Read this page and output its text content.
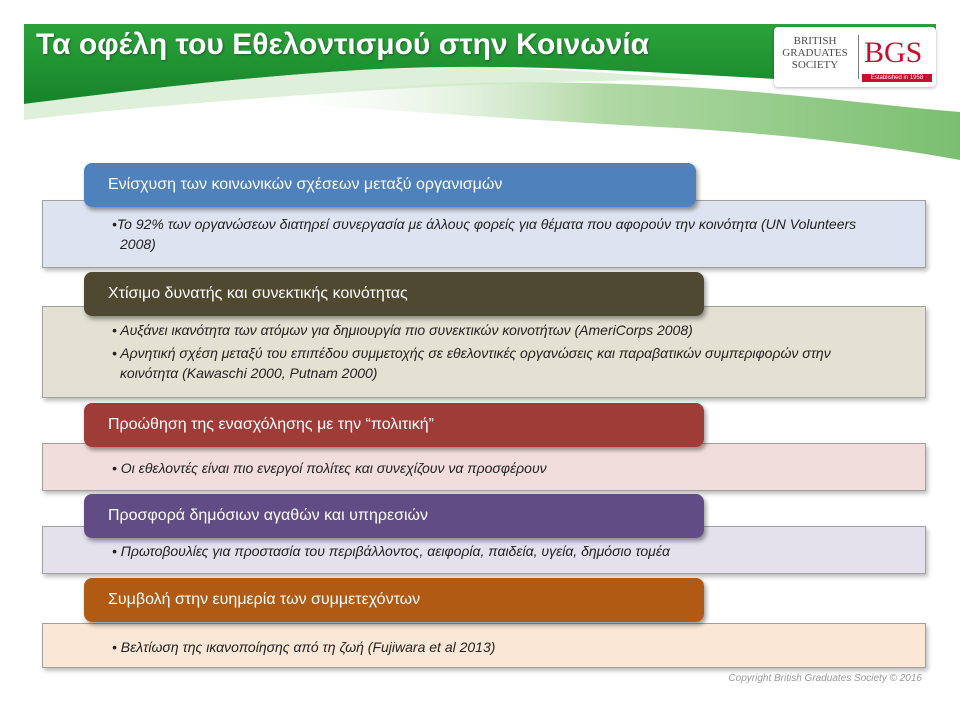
Τα οφέλη του Εθελοντισμού στην Κοινωνία	BRITISH
GRADUATES
SOCIETY BGS
Established in 1958
•Το 92% των οργανώσεων διατηρεί συνεργασία με άλλους φορείς για θέματα που αφορούν την κοινότητα (UN Volunteers 2008)
Ενίσχυση των κοινωνικών σχέσεων μεταξύ οργανισμών
• Αυξάνει ικανότητα των ατόμων για δημιουργία πιο συνεκτικών κοινοτήτων (AmeriCorps 2008)
• Αρνητική σχέση μεταξύ του επιπέδου συμμετοχής σε εθελοντικές οργανώσεις και παραβατικών συμπεριφορών στην κοινότητα (Kawaschi 2000, Putnam 2000)
Χτίσιμο δυνατής και συνεκτικής κοινότητας
• Οι εθελοντές είναι πιο ενεργοί πολίτες και συνεχίζουν να προσφέρουν
Προώθηση της ενασχόλησης με την “πολιτική”
• Πρωτοβουλίες για προστασία του περιβάλλοντος, αειφορία, παιδεία, υγεία, δημόσιο τομέα
Προσφορά δημόσιων αγαθών και υπηρεσιών
• Βελτίωση της ικανοποίησης από τη ζωή (Fujiwara et al 2013)
Συμβολή στην ευημερία των συμμετεχόντων
Copyright British Graduates Society © 2016
